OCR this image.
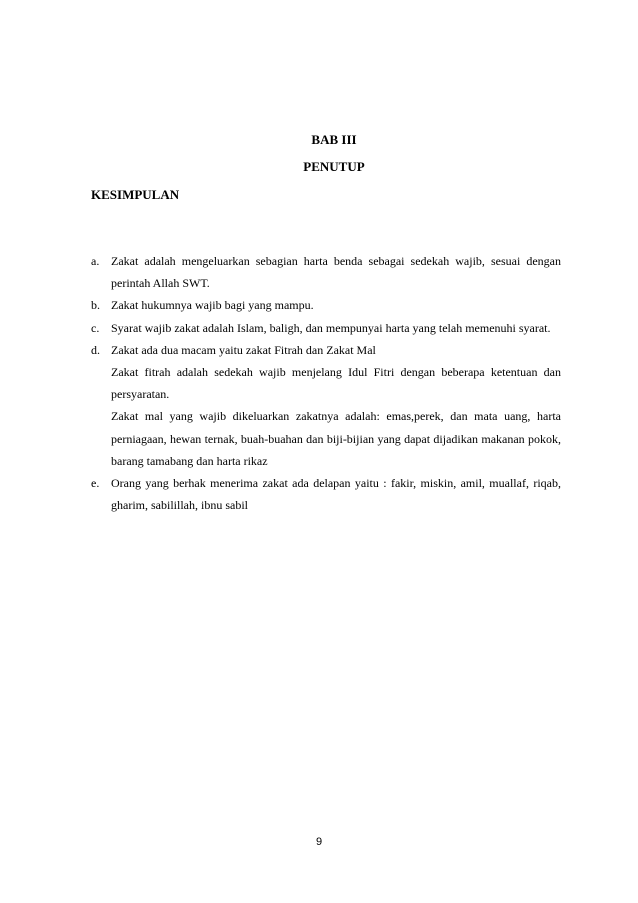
BAB III
PENUTUP
KESIMPULAN
a. Zakat adalah mengeluarkan sebagian harta benda sebagai sedekah wajib, sesuai dengan perintah Allah SWT.
b. Zakat hukumnya wajib bagi yang mampu.
c. Syarat wajib zakat adalah Islam, baligh, dan mempunyai harta yang telah memenuhi syarat.
d. Zakat ada dua macam yaitu zakat Fitrah dan Zakat Mal
Zakat fitrah adalah sedekah wajib menjelang Idul Fitri dengan beberapa ketentuan dan persyaratan.
Zakat mal yang wajib dikeluarkan zakatnya adalah: emas,perek, dan mata uang, harta perniagaan, hewan ternak, buah-buahan dan biji-bijian yang dapat dijadikan makanan pokok, barang tamabang dan harta rikaz
e. Orang yang berhak menerima zakat ada delapan yaitu : fakir, miskin, amil, muallaf, riqab, gharim, sabilillah, ibnu sabil
9
